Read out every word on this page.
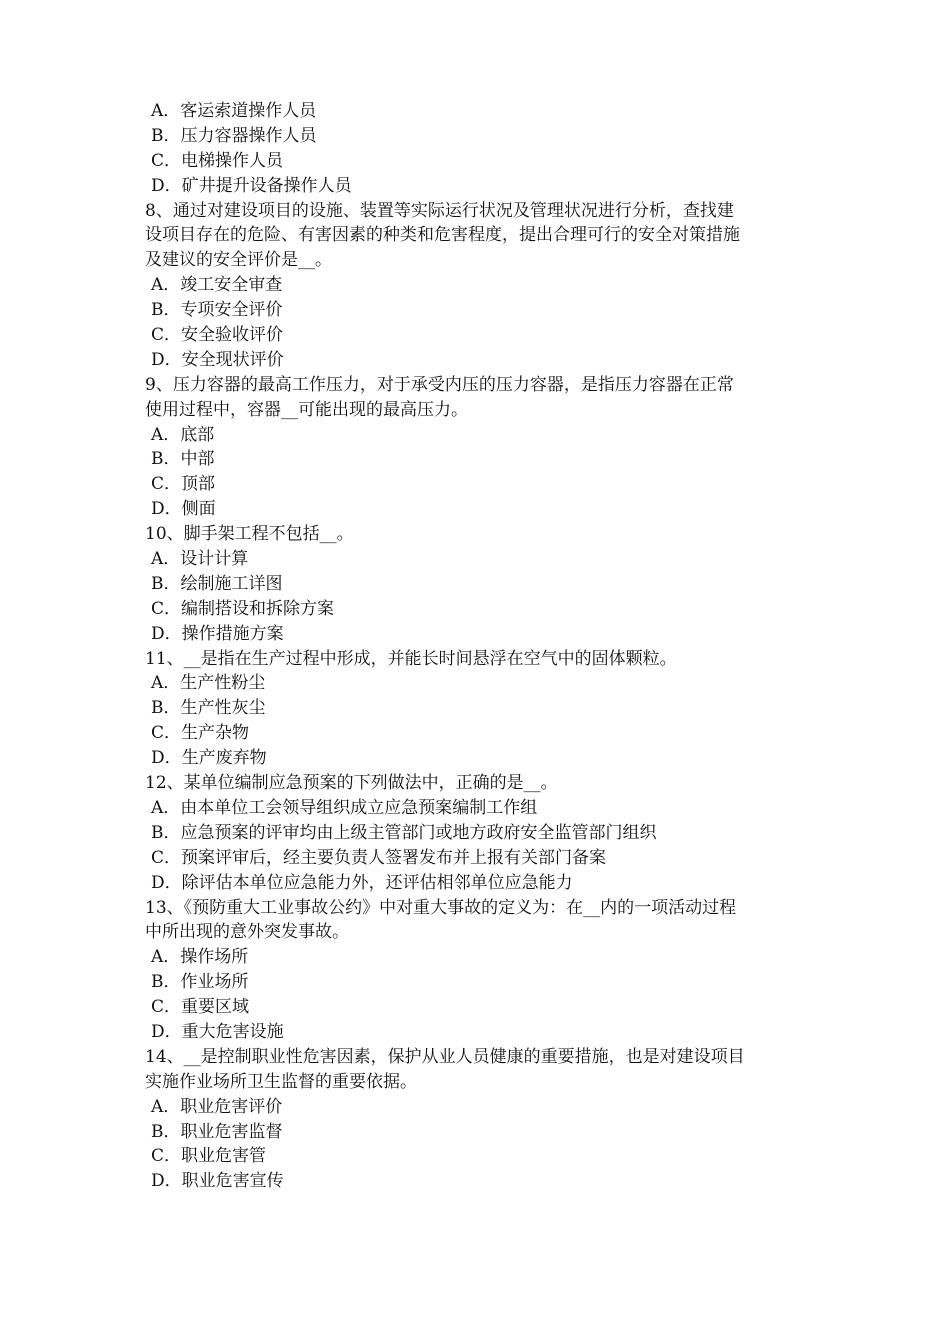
A．客运索道操作人员
B．压力容器操作人员
C．电梯操作人员
D．矿井提升设备操作人员
8、通过对建设项目的设施、装置等实际运行状况及管理状况进行分析，查找建
设项目存在的危险、有害因素的种类和危害程度，提出合理可行的安全对策措施
及建议的安全评价是__。
A．竣工安全审查
B．专项安全评价
C．安全验收评价
D．安全现状评价
9、压力容器的最高工作压力，对于承受内压的压力容器，是指压力容器在正常
使用过程中，容器__可能出现的最高压力。
A．底部
B．中部
C．顶部
D．侧面
10、脚手架工程不包括__。
A．设计计算
B．绘制施工详图
C．编制搭设和拆除方案
D．操作措施方案
11、__是指在生产过程中形成，并能长时间悬浮在空气中的固体颗粒。
A．生产性粉尘
B．生产性灰尘
C．生产杂物
D．生产废弃物
12、某单位编制应急预案的下列做法中，正确的是__。
A．由本单位工会领导组织成立应急预案编制工作组
B．应急预案的评审均由上级主管部门或地方政府安全监管部门组织
C．预案评审后，经主要负责人签署发布并上报有关部门备案
D．除评估本单位应急能力外，还评估相邻单位应急能力
13、《预防重大工业事故公约》中对重大事故的定义为：在__内的一项活动过程
中所出现的意外突发事故。
A．操作场所
B．作业场所
C．重要区域
D．重大危害设施
14、__是控制职业性危害因素，保护从业人员健康的重要措施，也是对建设项目
实施作业场所卫生监督的重要依据。
A．职业危害评价
B．职业危害监督
C．职业危害管
D．职业危害宣传
